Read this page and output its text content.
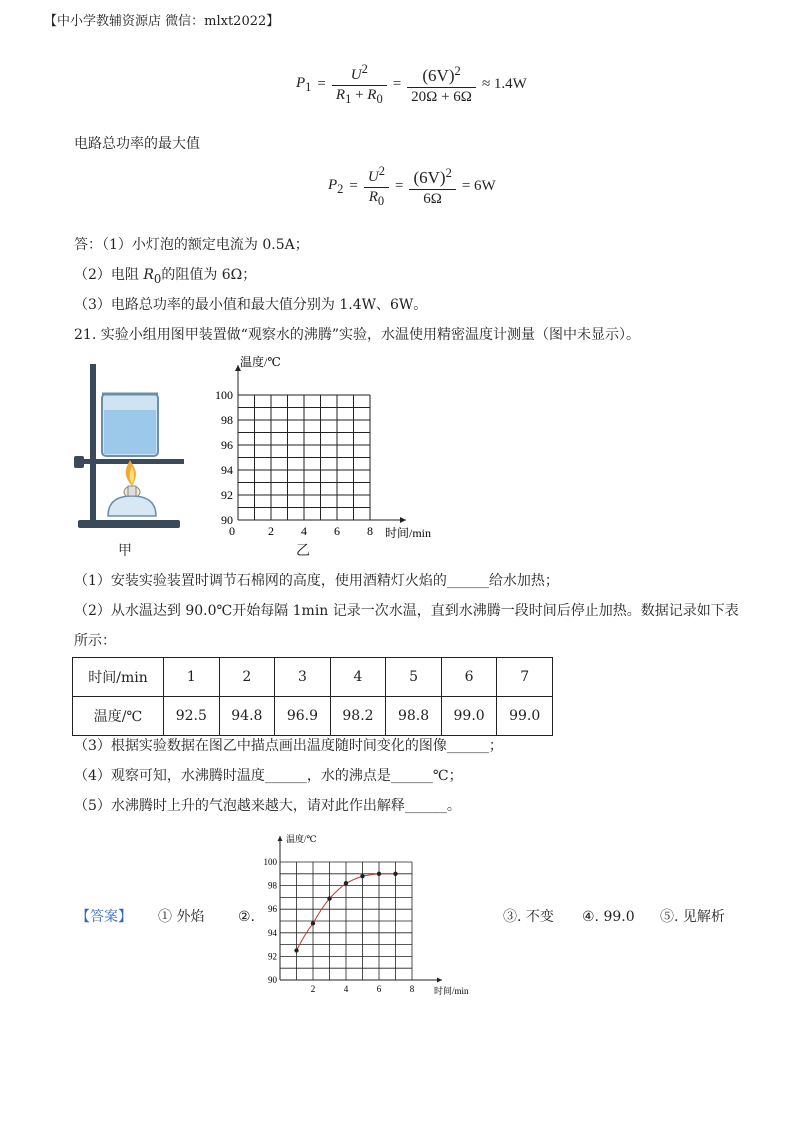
【中小学教辅资源店 微信：mlxt2022】
$P_1 = \frac{U^2}{R_1 + R_0} = \frac{(6V)^2}{20\Omega + 6\Omega} \approx 1.4W$
电路总功率的最大值
$P_2 = \frac{U^2}{R_0} = \frac{(6V)^2}{6\Omega} = 6W$
答：（1）小灯泡的额定电流为 0.5A；
（2）电阻 $R_0$的阻值为 6Ω；
（3）电路总功率的最小值和最大值分别为 1.4W、6W。
21. 实验小组用图甲装置做“观察水的沸腾”实验，水温使用精密温度计测量（图中未显示）。
甲
温度/℃
时间/min
100
98
96
94
92
90
0	2 4 6 8
乙
（1）安装实验装置时调节石棉网的高度，使用酒精灯火焰的______给水加热；
（2）从水温达到 90.0℃开始每隔 1min 记录一次水温，直到水沸腾一段时间后停止加热。数据记录如下表
所示：
时间/min	1	2	3	4	5	6	7
温度/℃	92.5	94.8	96.9	98.2	98.8	99.0	99.0
（3）根据实验数据在图乙中描点画出温度随时间变化的图像______；
（4）观察可知，水沸腾时温度______，水的沸点是______℃；
（5）水沸腾时上升的气泡越来越大，请对此作出解释______。
【答案】 ① 外焰 ②.	③. 不变 ④. 99.0 ⑤. 见解析
100
98
96
94
92
90
2	4	6	8
温度/℃
时间/min
